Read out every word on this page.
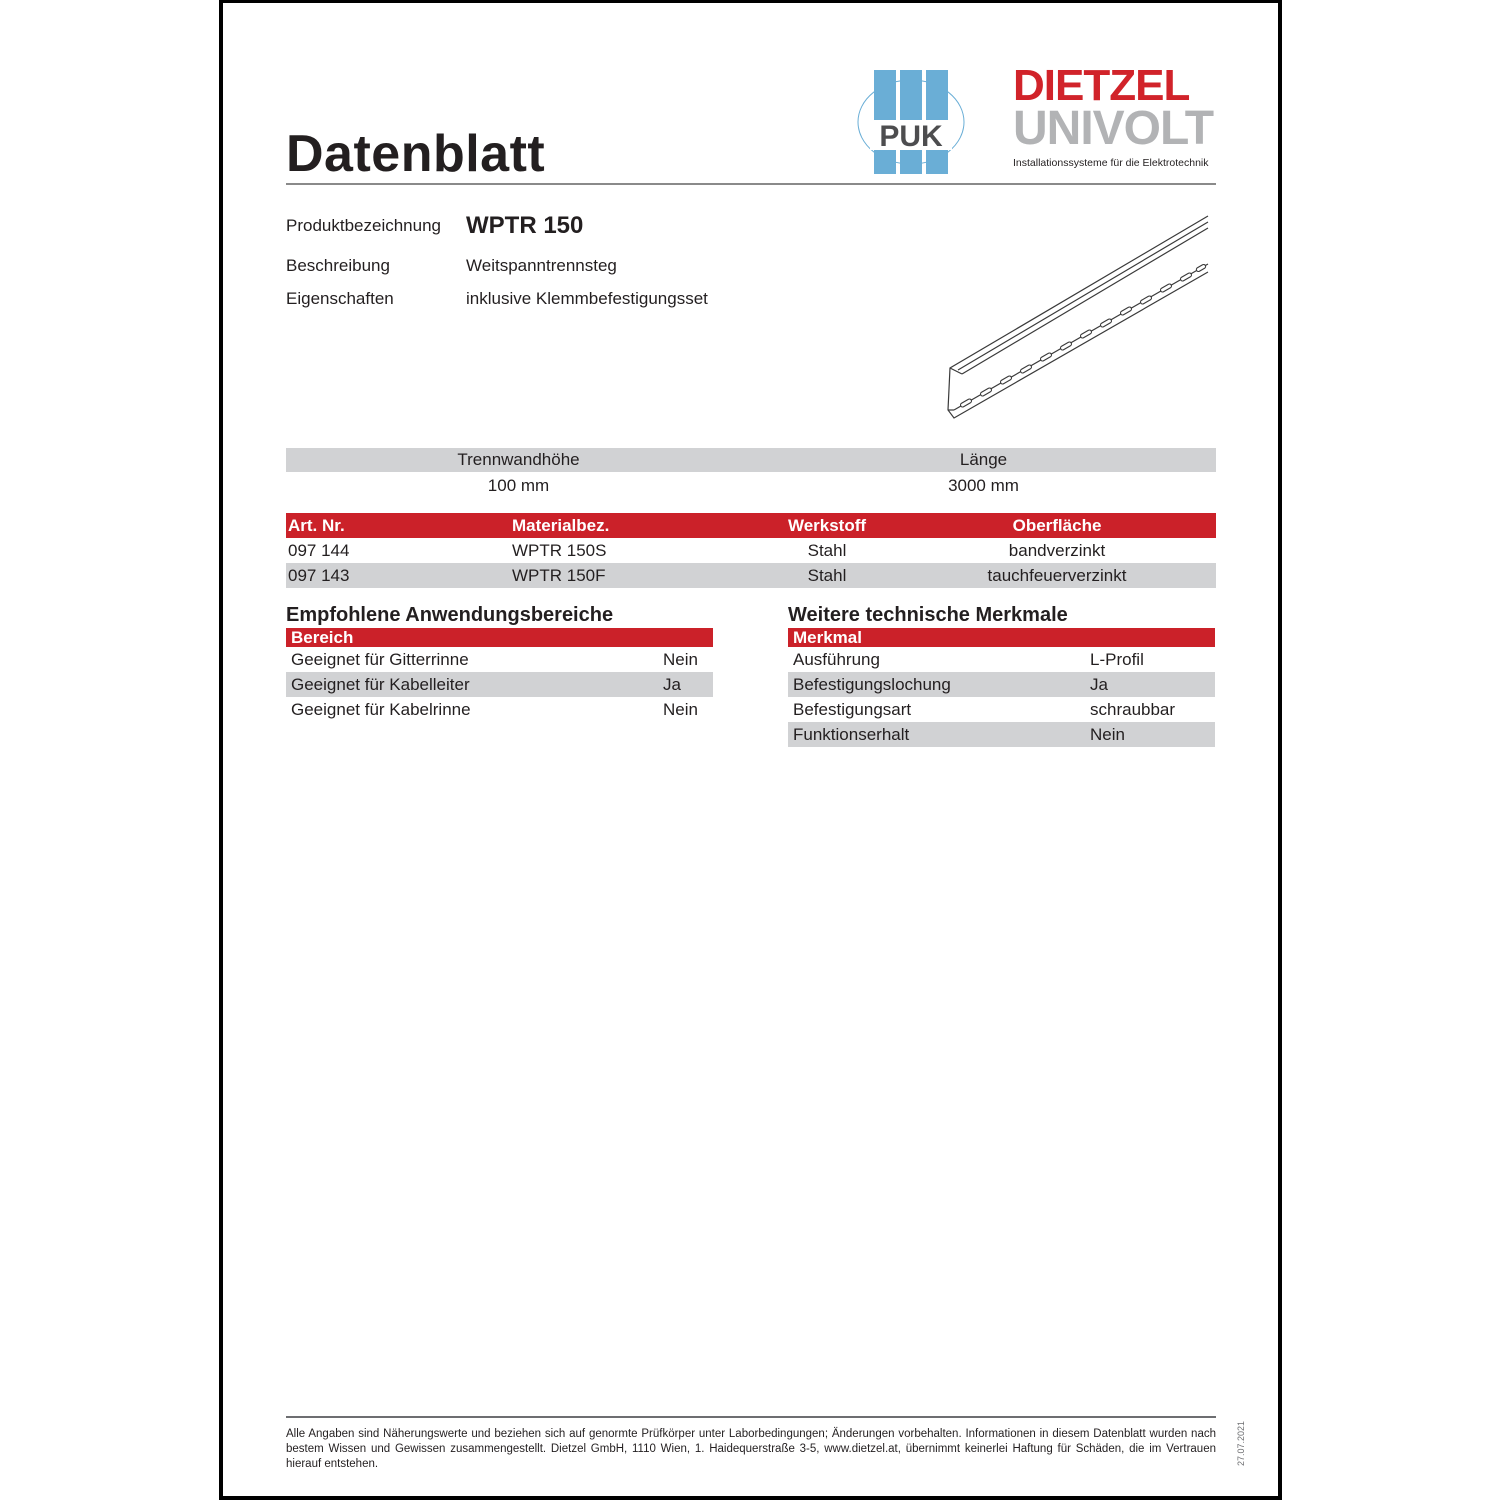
Datenblatt	PUK
DIETZEL
UNIVOLT
Installationssysteme für die Elektrotechnik
Produktbezeichnung WPTR 150
Beschreibung	Weitspanntrennsteg
Eigenschaften	inklusive Klemmbefestigungsset
Trennwandhöhe	Länge
100 mm	3000 mm
Art. Nr.	Materialbez.	Werkstoff	Oberfläche
097 144	WPTR 150S	Stahl	bandverzinkt
097 143	WPTR 150F	Stahl	tauchfeuerverzinkt
Empfohlene Anwendungsbereiche
Bereich
Geeignet für Gitterrinne	Nein
Geeignet für Kabelleiter	Ja
Geeignet für Kabelrinne	Nein
Weitere technische Merkmale
Merkmal
Ausführung	L-Profil
Befestigungslochung	Ja
Befestigungsart	schraubbar
Funktionserhalt	Nein

Alle Angaben sind Näherungswerte und beziehen sich auf genormte Prüfkörper unter Laborbedingungen; Änderungen vorbehalten. Informationen in diesem Datenblatt wurden nach bestem Wissen und Gewissen zusammengestellt. Dietzel GmbH, 1110 Wien, 1. Haidequerstraße 3-5, www.dietzel.at, übernimmt keinerlei Haftung für Schäden, die im Vertrauen hierauf entstehen.	27.07.2021
